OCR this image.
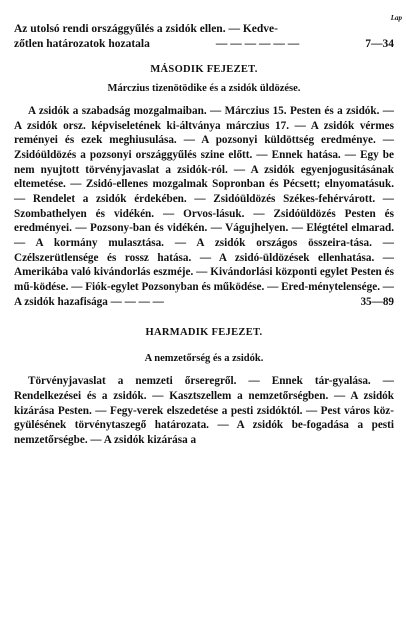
Lap
Az utolsó rendi országgyűlés a zsidók ellen. — Kedve-
zőtlen határozatok hozatala	— — — — — —	7—34

MÁSODIK FEJEZET.

Márczius tizenötödike és a zsidók üldözése.

A zsidók a szabadság mozgalmaiban. — Márczius 15. Pesten és a zsidók. — A zsidók orsz. képviseletének ki-áltványa márczius 17. — A zsidók vérmes reményei és ezek meghiusulása. — A pozsonyi küldöttség eredménye. — Zsidóüldözés a pozsonyi országgyűlés szine előtt. — Ennek hatása. — Egy be nem nyujtott törvényjavaslat a zsidók-ról. — A zsidók egyenjogusitásának eltemetése. — Zsidó-ellenes mozgalmak Sopronban és Pécsett; elnyomatásuk. — Rendelet a zsidók érdekében. — Zsidóüldözés Székes-fehérvárott. — Szombathelyen és vidékén. — Orvos-lásuk. — Zsidóüldözés Pesten és eredményei. — Pozsony-ban és vidékén. — Vágujhelyen. — Elégtétel elmarad. — A kormány mulasztása. — A zsidók országos összeira-tása. — Czélszerütlensége és rossz hatása. — A zsidó-üldözések ellenhatása. — Amerikába való kivándorlás eszméje. — Kivándorlási központi egylet Pesten és mű-ködése. — Fiók-egylet Pozsonyban és működése. — Ered-ménytelensége. — A zsidók hazafisága — — — —	35—89

HARMADIK FEJEZET.

A nemzetőrség és a zsidók.

Törvényjavaslat a nemzeti őrseregről. — Ennek tár-gyalása. — Rendelkezései és a zsidók. — Kasztszellem a nemzetőrségben. — A zsidók kizárása Pesten. — Fegy-verek elszedetése a pesti zsidóktól. — Pest város köz-gyülésének törvénytaszegő határozata. — A zsidók be-fogadása a pesti nemzetőrségbe. — A zsidók kizárása a
